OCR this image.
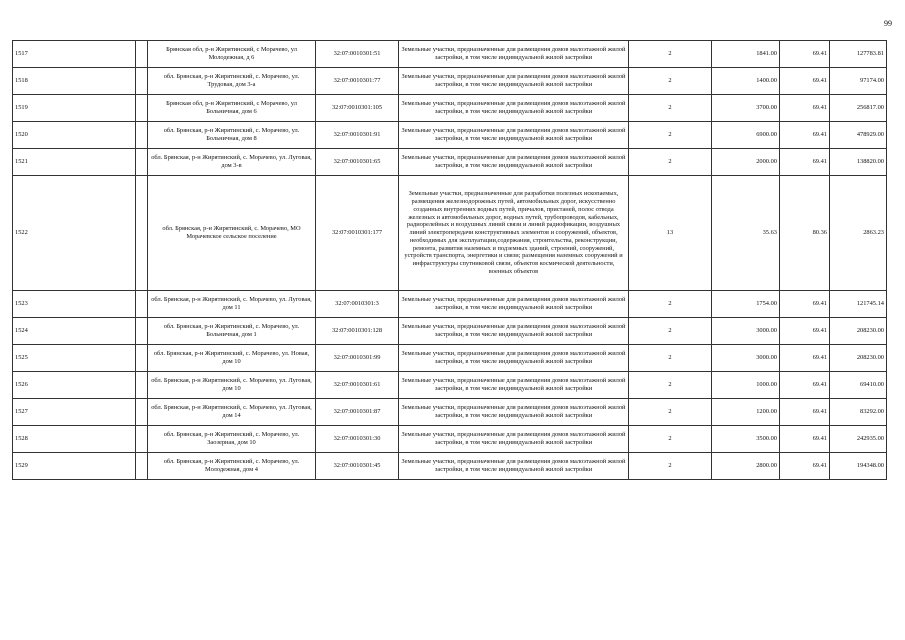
99
1517		Брянская обл, р-н Жирятинский, с Морачево, ул Молодежная, д 6	32:07:0010301:51	Земельные участки, предназначенные для размещения домов малоэтажной жилой застройки, в том числе индивидуальной жилой застройки	2	1841.00	69.41	127783.81
1518		обл. Брянская, р-н Жирятинский, с. Морачево, ул. Трудовая, дом 3-а	32:07:0010301:77	Земельные участки, предназначенные для размещения домов малоэтажной жилой застройки, в том числе индивидуальной жилой застройки	2	1400.00	69.41	97174.00
1519		Брянская обл, р-н Жирятинский, с Морачево, ул Больничная, дом 6	32:07:0010301:105	Земельные участки, предназначенные для размещения домов малоэтажной жилой застройки, в том числе индивидуальной жилой застройки	2	3700.00	69.41	256817.00
1520		обл. Брянская, р-н Жирятинский, с. Морачево, ул. Больничная, дом 8	32:07:0010301:91	Земельные участки, предназначенные для размещения домов малоэтажной жилой застройки, в том числе индивидуальной жилой застройки	2	6900.00	69.41	478929.00
1521		обл. Брянская, р-н Жирятинский, с. Морачево, ул. Луговая, дом 3-в	32:07:0010301:65	Земельные участки, предназначенные для размещения домов малоэтажной жилой застройки, в том числе индивидуальной жилой застройки	2	2000.00	69.41	138820.00
1522		обл. Брянская, р-н Жирятинский, с. Морачево, МО Морачевское сельское поселение	32:07:0010301:177	Земельные участки, предназначенные для разработки полезных ископаемых, размещения железнодорожных путей, автомобильных дорог, искусственно созданных внутренних водных путей, причалов, пристаней, полос отвода железных и автомобильных дорог, водных путей, трубопроводов, кабельных, радиорелейных и воздушных линий связи и линий радиофикации, воздушных линий электропередачи конструктивных элементов и сооружений, объектов, необходимых для эксплуатации,содержания, строительства, реконструкции, ремонта, развития наземных и подземных зданий, строений, сооружений, устройств транспорта, энергетики и связи; размещения наземных сооружений и инфраструктуры спутниковой связи, объектов космической деятельности, военных объектов	13	35.63	80.36	2863.23
1523		обл. Брянская, р-н Жирятинский, с. Морачево, ул. Луговая, дом 11	32:07:0010301:3	Земельные участки, предназначенные для размещения домов малоэтажной жилой застройки, в том числе индивидуальной жилой застройки	2	1754.00	69.41	121745.14
1524		обл. Брянская, р-н Жирятинский, с. Морачево, ул. Больничная, дом 1	32:07:0010301:128	Земельные участки, предназначенные для размещения домов малоэтажной жилой застройки, в том числе индивидуальной жилой застройки	2	3000.00	69.41	208230.00
1525		обл. Брянская, р-н Жирятинский, с. Морачево, ул. Новая, дом 10	32:07:0010301:99	Земельные участки, предназначенные для размещения домов малоэтажной жилой застройки, в том числе индивидуальной жилой застройки	2	3000.00	69.41	208230.00
1526		обл. Брянская, р-н Жирятинский, с. Морачево, ул. Луговая, дом 10	32:07:0010301:61	Земельные участки, предназначенные для размещения домов малоэтажной жилой застройки, в том числе индивидуальной жилой застройки	2	1000.00	69.41	69410.00
1527		обл. Брянская, р-н Жирятинский, с. Морачево, ул. Луговая, дом 14	32:07:0010301:87	Земельные участки, предназначенные для размещения домов малоэтажной жилой застройки, в том числе индивидуальной жилой застройки	2	1200.00	69.41	83292.00
1528		обл. Брянская, р-н Жирятинский, с. Морачево, ул. Заозерная, дом 10	32:07:0010301:30	Земельные участки, предназначенные для размещения домов малоэтажной жилой застройки, в том числе индивидуальной жилой застройки	2	3500.00	69.41	242935.00
1529		обл. Брянская, р-н Жирятинский, с. Морачево, ул. Молодежная, дом 4	32:07:0010301:45	Земельные участки, предназначенные для размещения домов малоэтажной жилой застройки, в том числе индивидуальной жилой застройки	2	2800.00	69.41	194348.00
